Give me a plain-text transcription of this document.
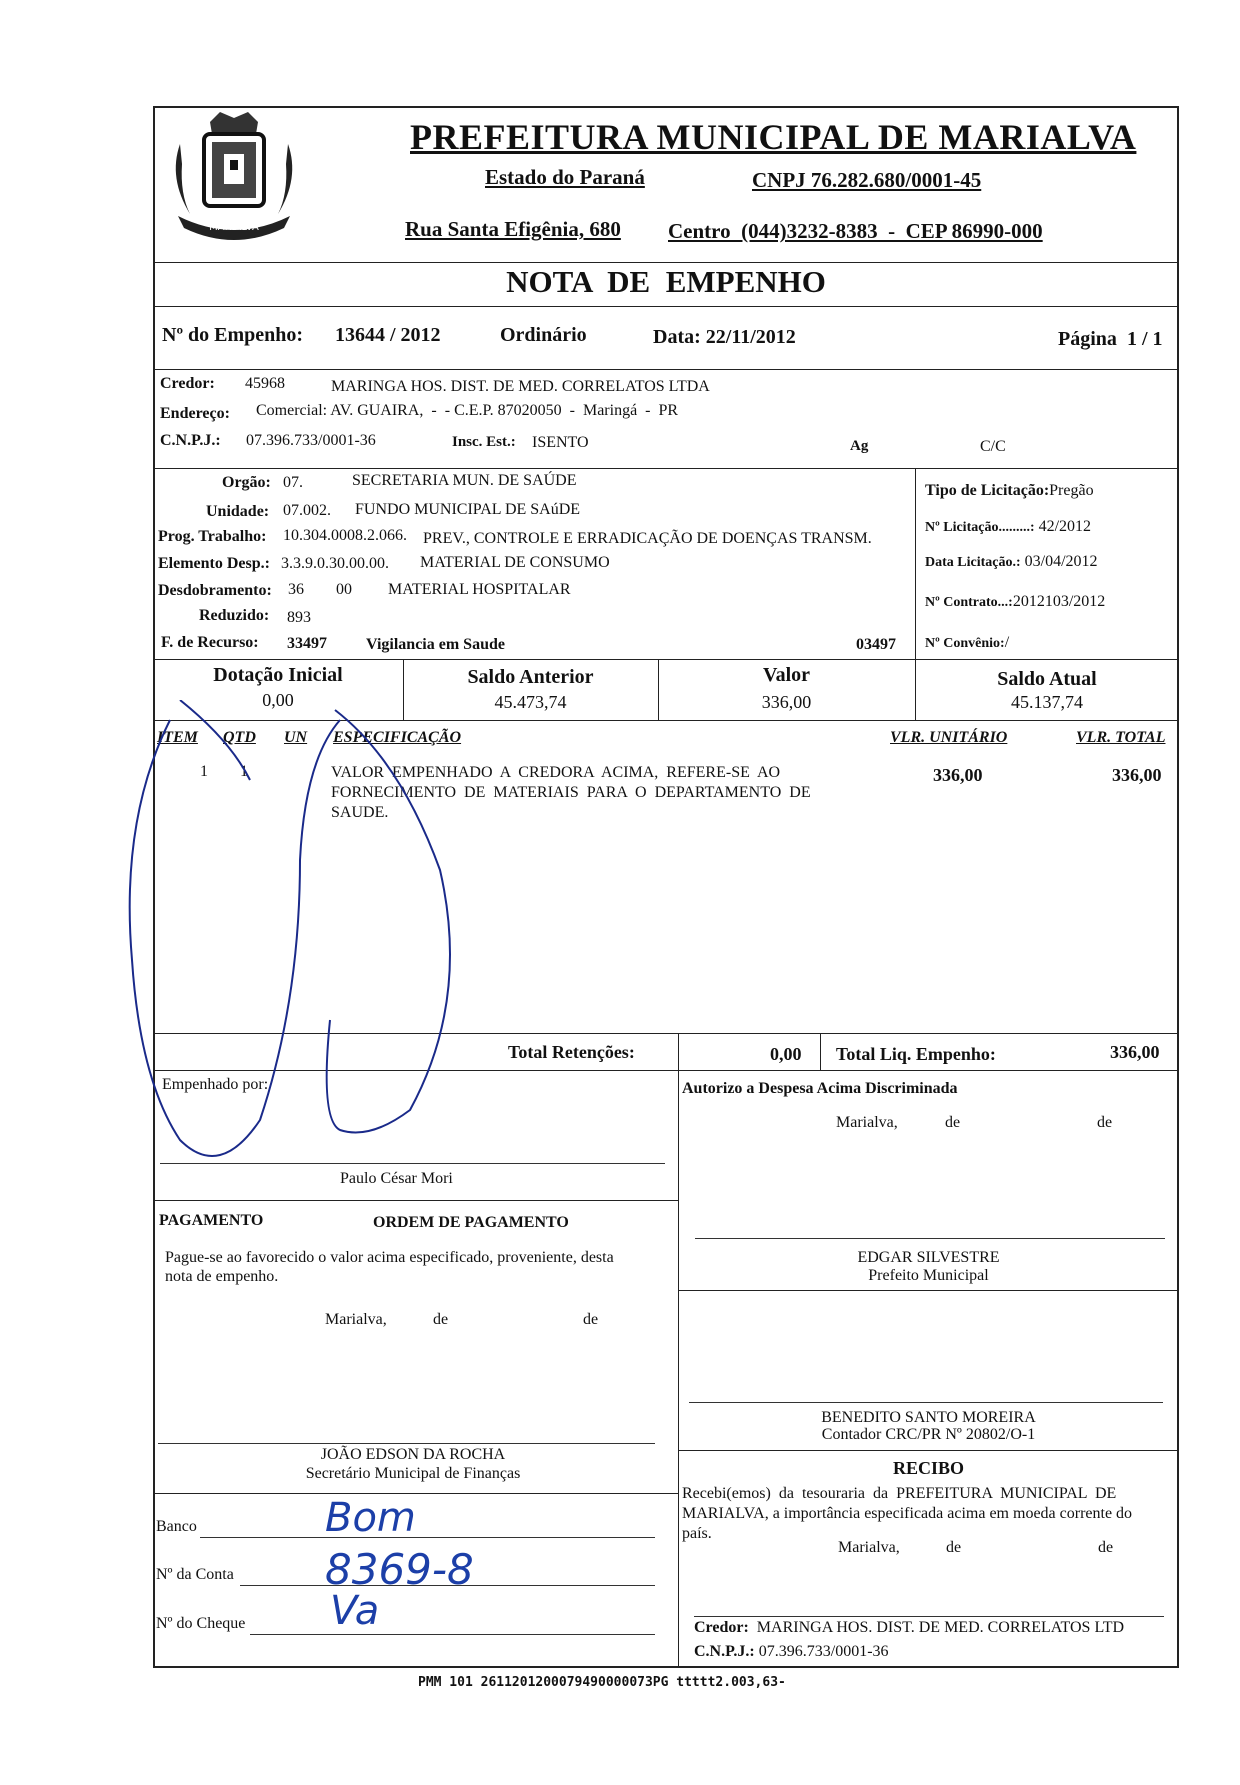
MARIALVA
PREFEITURA MUNICIPAL DE MARIALVA
Estado do Paraná	CNPJ 76.282.680/0001-45
Rua Santa Efigênia, 680 Centro  (044)3232-8383  -  CEP 86990-000
NOTA  DE  EMPENHO
Nº do Empenho: 13644 / 2012	Ordinário	Data: 22/11/2012	Página 1 / 1
Credor: 45968	MARINGA HOS. DIST. DE MED. CORRELATOS LTDA
Endereço: Comercial: AV. GUAIRA,  -  - C.E.P. 87020050  -  Maringá  -  PR
C.N.P.J.: 07.396.733/0001-36	Insc. Est.: ISENTO	Ag	C/C
Orgão: 07.	SECRETARIA MUN. DE SAÚDE
Unidade: 07.002. FUNDO MUNICIPAL DE SAúDE
Prog. Trabalho: 10.304.0008.2.066. PREV., CONTROLE E ERRADICAÇÃO DE DOENÇAS TRANSM.
Elemento Desp.: 3.3.9.0.30.00.00. MATERIAL DE CONSUMO
Desdobramento: 36 00 MATERIAL HOSPITALAR
Reduzido: 893
F. de Recurso: 33497 Vigilancia em Saude	03497
Tipo de Licitação:Pregão
Nº Licitação.........: 42/2012
Data Licitação.: 03/04/2012
Nº Contrato...:2012103/2012
Nº Convênio:/
Dotação Inicial
0,00
Saldo Anterior
45.473,74
Valor
336,00
Saldo Atual
45.137,74
ITEM QTD UN ESPECIFICAÇÃO	VLR. UNITÁRIO	VLR. TOTAL
1 1	VALOR  EMPENHADO  A  CREDORA  ACIMA,  REFERE-SE  AO
FORNECIMENTO  DE  MATERIAIS  PARA  O  DEPARTAMENTO  DE
SAUDE.
336,00	336,00
Total Retenções:	0,00 Total Liq. Empenho:	336,00
Empenhado por:
Paulo César Mori
Autorizo a Despesa Acima Discriminada
Marialva,	de	de
EDGAR SILVESTRE
Prefeito Municipal
PAGAMENTO	ORDEM DE PAGAMENTO
Pague-se ao favorecido o valor acima especificado, proveniente, desta
nota de empenho.
Marialva,	de	de
JOÃO EDSON DA ROCHA
Secretário Municipal de Finanças
BENEDITO SANTO MOREIRA
Contador CRC/PR Nº 20802/O-1
RECIBO
Recebi(emos)  da  tesouraria  da  PREFEITURA  MUNICIPAL  DE
MARIALVA, a importância especificada acima em moeda corrente do
país.
Marialva,	de	de
Credor: MARINGA HOS. DIST. DE MED. CORRELATOS LTD
C.N.P.J.: 07.396.733/0001-36
Banco	Bom
Nº da Conta 8369-8
Nº do Cheque Va
PMM 101 2611201200079490000073PG ttttt2.003,63-
